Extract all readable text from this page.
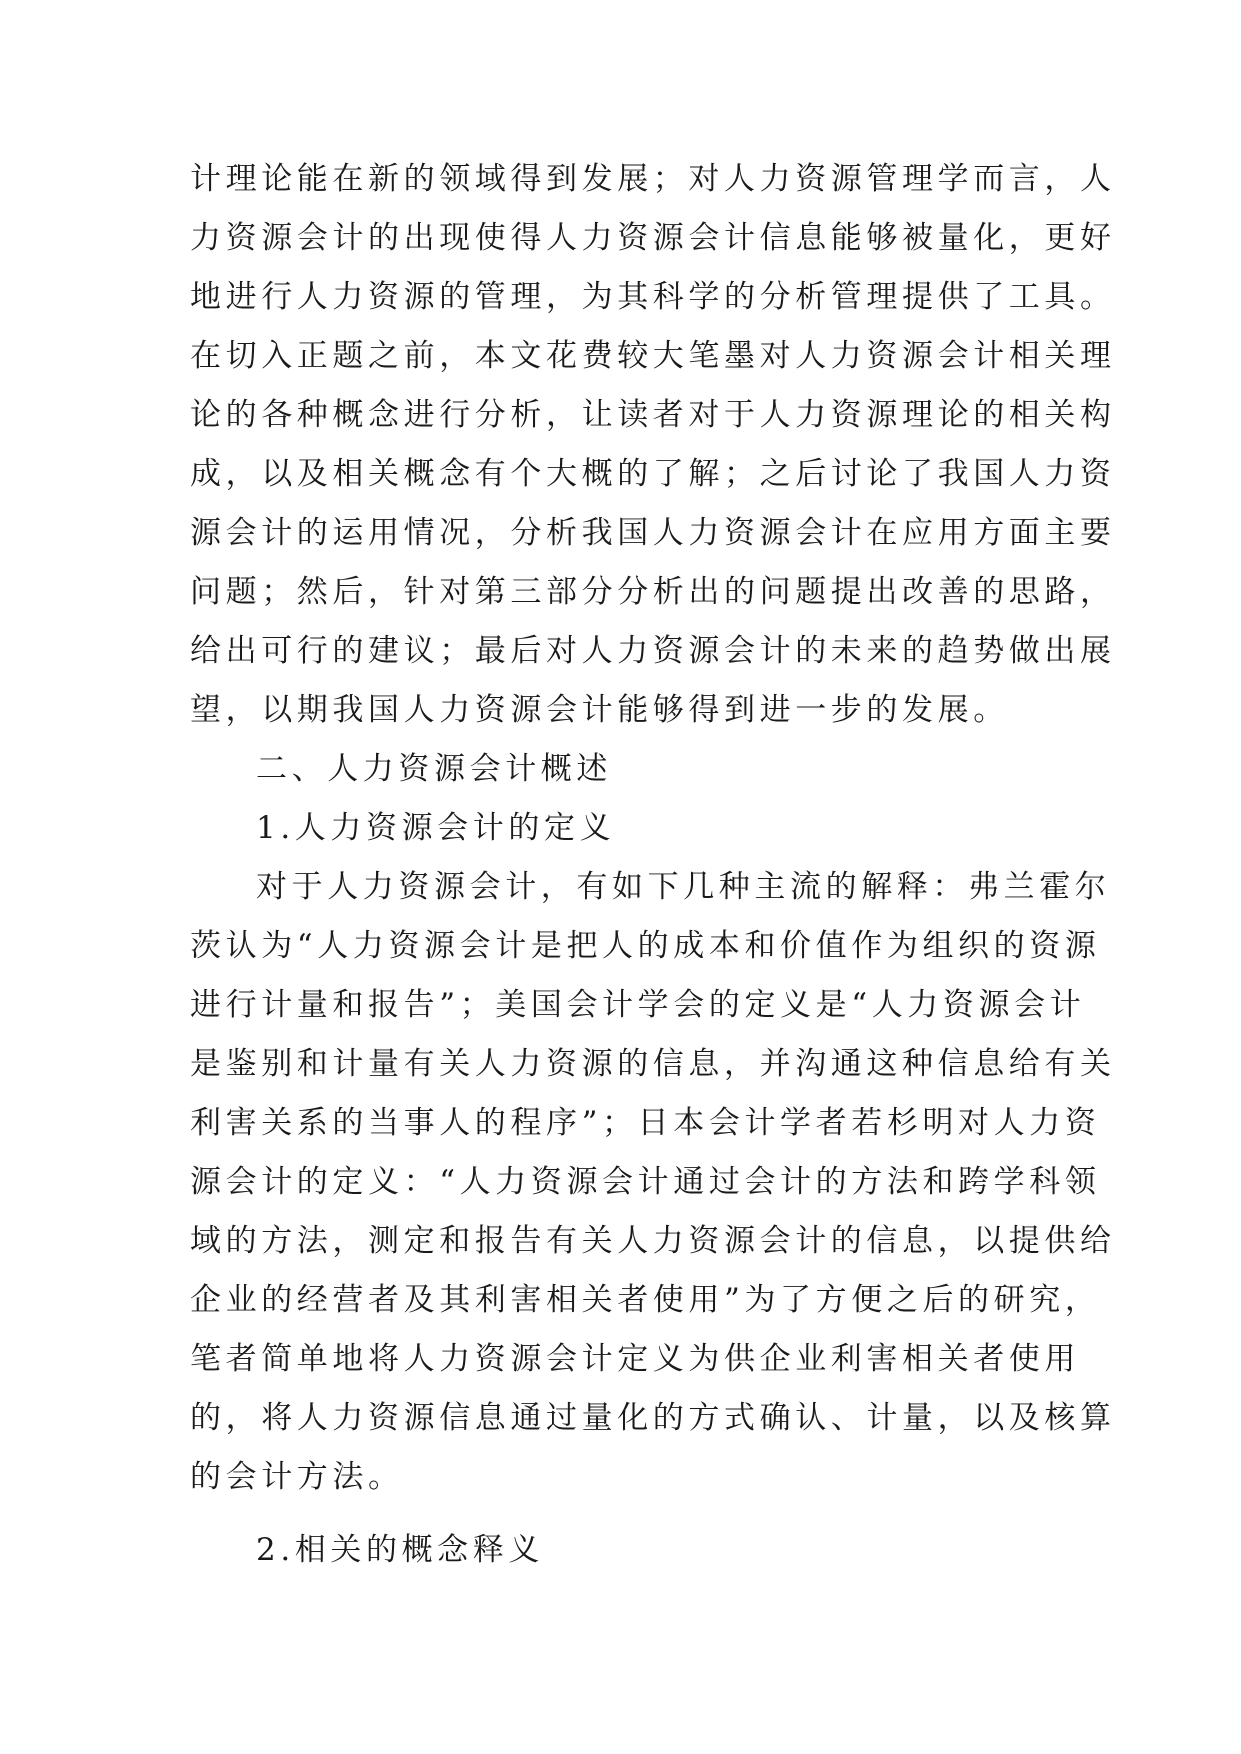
计理论能在新的领域得到发展；对人力资源管理学而言，人
力资源会计的出现使得人力资源会计信息能够被量化，更好
地进行人力资源的管理，为其科学的分析管理提供了工具。
在切入正题之前，本文花费较大笔墨对人力资源会计相关理
论的各种概念进行分析，让读者对于人力资源理论的相关构
成，以及相关概念有个大概的了解；之后讨论了我国人力资
源会计的运用情况，分析我国人力资源会计在应用方面主要
问题；然后，针对第三部分分析出的问题提出改善的思路，
给出可行的建议；最后对人力资源会计的未来的趋势做出展
望，以期我国人力资源会计能够得到进一步的发展。
二、人力资源会计概述
1.人力资源会计的定义
对于人力资源会计，有如下几种主流的解释：弗兰霍尔
茨认为“人力资源会计是把人的成本和价值作为组织的资源
进行计量和报告”；美国会计学会的定义是“人力资源会计
是鉴别和计量有关人力资源的信息，并沟通这种信息给有关
利害关系的当事人的程序”；日本会计学者若杉明对人力资
源会计的定义：“人力资源会计通过会计的方法和跨学科领
域的方法，测定和报告有关人力资源会计的信息，以提供给
企业的经营者及其利害相关者使用”为了方便之后的研究，
笔者简单地将人力资源会计定义为供企业利害相关者使用
的，将人力资源信息通过量化的方式确认、计量，以及核算
的会计方法。
2.相关的概念释义
